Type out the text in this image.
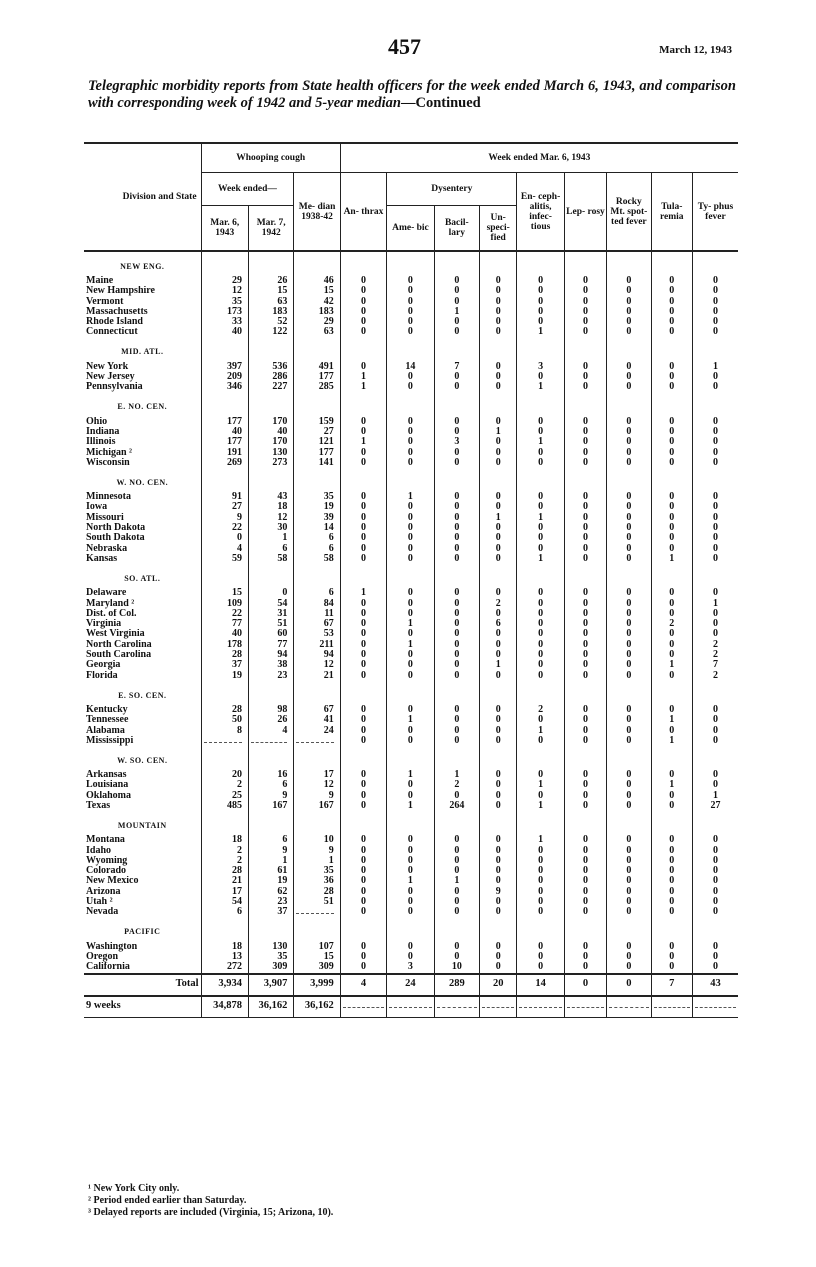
457	March 12, 1943
Telegraphic morbidity reports from State health officers for the week ended March 6, 1943, and comparison with corresponding week of 1942 and 5-year median—Continued
Division and State	Whooping cough			Week ended Mar. 6, 1943								
	Week ended—		Me- dian 1938-42	An- thrax	Dysentery			En- ceph- alitis, infec- tious	Lep- rosy	Rocky Mt. spot- ted fever	Tula- remia	Ty- phus fever
	Mar. 6, 1943	Mar. 7, 1942			Ame- bic	Bacil- lary	Un- speci- fied					
NEW ENG.												
Maine	29	26	46	0	0	0	0	0	0	0	0	0
New Hampshire	12	15	15	0	0	0	0	0	0	0	0	0
Vermont	35	63	42	0	0	0	0	0	0	0	0	0
Massachusetts	173	183	183	0	0	1	0	0	0	0	0	0
Rhode Island	33	52	29	0	0	0	0	0	0	0	0	0
Connecticut	40	122	63	0	0	0	0	1	0	0	0	0
MID. ATL.												
New York	397	536	491	0	14	7	0	3	0	0	0	1
New Jersey	209	286	177	1	0	0	0	0	0	0	0	0
Pennsylvania	346	227	285	1	0	0	0	1	0	0	0	0
E. NO. CEN.												
Ohio	177	170	159	0	0	0	0	0	0	0	0	0
Indiana	40	40	27	0	0	0	1	0	0	0	0	0
Illinois	177	170	121	1	0	3	0	1	0	0	0	0
Michigan ²	191	130	177	0	0	0	0	0	0	0	0	0
Wisconsin	269	273	141	0	0	0	0	0	0	0	0	0
W. NO. CEN.												
Minnesota	91	43	35	0	1	0	0	0	0	0	0	0
Iowa	27	18	19	0	0	0	0	0	0	0	0	0
Missouri	9	12	39	0	0	0	1	1	0	0	0	0
North Dakota	22	30	14	0	0	0	0	0	0	0	0	0
South Dakota	0	1	6	0	0	0	0	0	0	0	0	0
Nebraska	4	6	6	0	0	0	0	0	0	0	0	0
Kansas	59	58	58	0	0	0	0	1	0	0	1	0
SO. ATL.												
Delaware	15	0	6	1	0	0	0	0	0	0	0	0
Maryland ²	109	54	84	0	0	0	2	0	0	0	0	1
Dist. of Col.	22	31	11	0	0	0	0	0	0	0	0	0
Virginia	77	51	67	0	1	0	6	0	0	0	2	0
West Virginia	40	60	53	0	0	0	0	0	0	0	0	0
North Carolina	178	77	211	0	1	0	0	0	0	0	0	2
South Carolina	28	94	94	0	0	0	0	0	0	0	0	2
Georgia	37	38	12	0	0	0	1	0	0	0	1	7
Florida	19	23	21	0	0	0	0	0	0	0	0	2
E. SO. CEN.												
Kentucky	28	98	67	0	0	0	0	2	0	0	0	0
Tennessee	50	26	41	0	1	0	0	0	0	0	1	0
Alabama	8	4	24	0	0	0	0	1	0	0	0	0
Mississippi				0	0	0	0	0	0	0	1	0
W. SO. CEN.												
Arkansas	20	16	17	0	1	1	0	0	0	0	0	0
Louisiana	2	6	12	0	0	2	0	1	0	0	1	0
Oklahoma	25	9	9	0	0	0	0	0	0	0	0	1
Texas	485	167	167	0	1	264	0	1	0	0	0	27
MOUNTAIN												
Montana	18	6	10	0	0	0	0	1	0	0	0	0
Idaho	2	9	9	0	0	0	0	0	0	0	0	0
Wyoming	2	1	1	0	0	0	0	0	0	0	0	0
Colorado	28	61	35	0	0	0	0	0	0	0	0	0
New Mexico	21	19	36	0	1	1	0	0	0	0	0	0
Arizona	17	62	28	0	0	0	9	0	0	0	0	0
Utah ²	54	23	51	0	0	0	0	0	0	0	0	0
Nevada	6	37		0	0	0	0	0	0	0	0	0
PACIFIC												
Washington	18	130	107	0	0	0	0	0	0	0	0	0
Oregon	13	35	15	0	0	0	0	0	0	0	0	0
California	272	309	309	0	3	10	0	0	0	0	0	0
Total	3,934	3,907	3,999	4	24	289	20	14	0	0	7	43
9 weeks	34,878	36,162	36,162									
¹ New York City only.
² Period ended earlier than Saturday.
³ Delayed reports are included (Virginia, 15; Arizona, 10).
